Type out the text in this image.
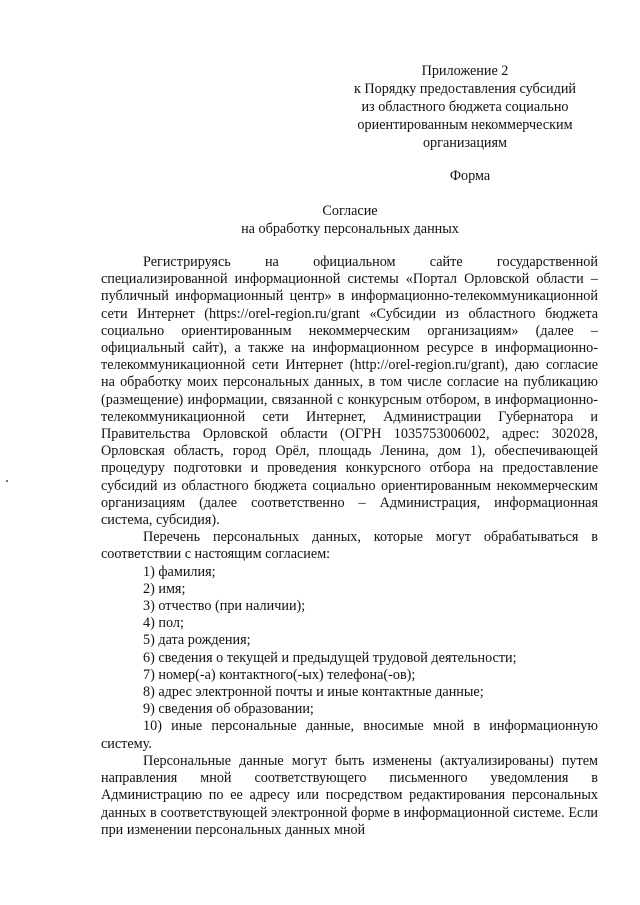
Приложение 2
к Порядку предоставления субсидий
из областного бюджета социально
ориентированным некоммерческим
организациям
Форма
Согласие
на обработку персональных данных

Регистрируясь на официальном сайте государственной специализированной информационной системы «Портал Орловской области – публичный информационный центр» в информационно-телекоммуникационной сети Интернет (https://orel-region.ru/grant «Субсидии из областного бюджета социально ориентированным некоммерческим организациям» (далее – официальный сайт), а также на информационном ресурсе в информационно-телекоммуникационной сети Интернет (http://orel-region.ru/grant), даю согласие на обработку моих персональных данных, в том числе согласие на публикацию (размещение) информации, связанной с конкурсным отбором, в информационно-телекоммуникационной сети Интернет, Администрации Губернатора и Правительства Орловской области (ОГРН 1035753006002, адрес: 302028, Орловская область, город Орёл, площадь Ленина, дом 1), обеспечивающей процедуру подготовки и проведения конкурсного отбора на предоставление субсидий из областного бюджета социально ориентированным некоммерческим организациям (далее соответственно – Администрация, информационная система, субсидия).

Перечень персональных данных, которые могут обрабатываться в соответствии с настоящим согласием:

1) фамилия;
2) имя;
3) отчество (при наличии);
4) пол;
5) дата рождения;
6) сведения о текущей и предыдущей трудовой деятельности;
7) номер(-а) контактного(-ых) телефона(-ов);
8) адрес электронной почты и иные контактные данные;
9) сведения об образовании;
10) иные персональные данные, вносимые мной в информационную систему.

Персональные данные могут быть изменены (актуализированы) путем направления мной соответствующего письменного уведомления в Администрацию по ее адресу или посредством редактирования персональных данных в соответствующей электронной форме в информационной системе. Если при изменении персональных данных мной
